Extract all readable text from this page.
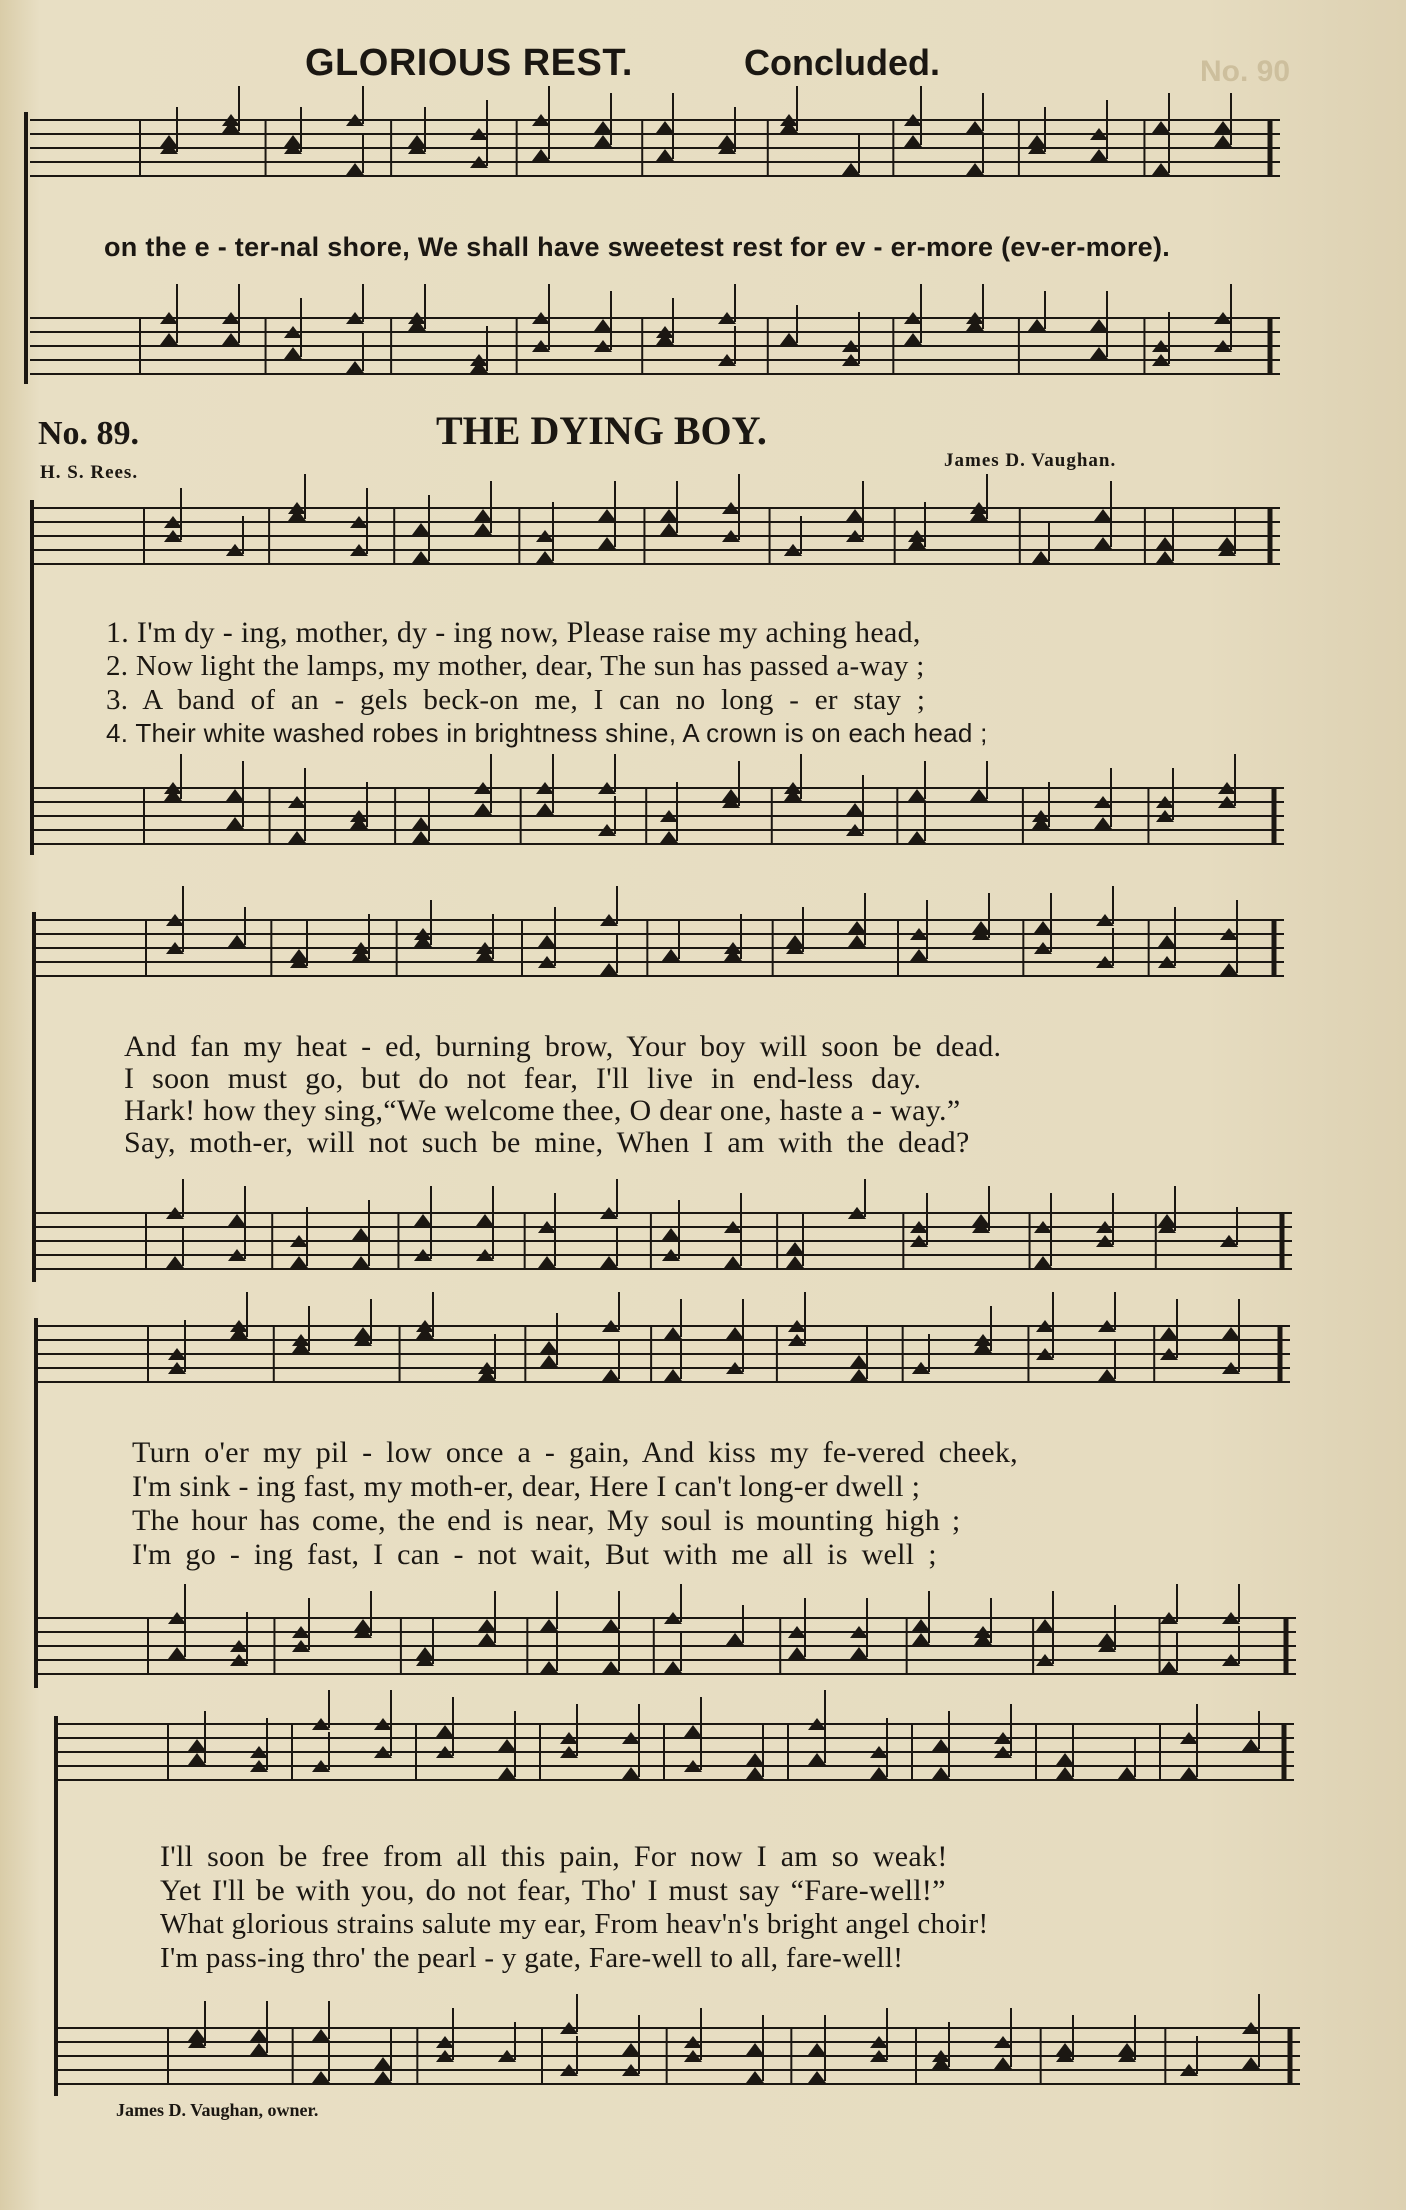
GLORIOUS REST.	Concluded.	No. 90
on the e - ter-nal shore, We shall have sweetest rest for ev - er-more (ev-er-more).
No. 89.	THE DYING BOY.
H. S. Rees.
James D. Vaughan.
1. I'm dy - ing, mother, dy - ing now, Please raise my aching head,
2. Now light the lamps, my mother, dear, The sun has passed a-way ;
3. A band of an - gels beck-on me, I can no long - er stay ;
4. Their white washed robes in brightness shine, A crown is on each head ;
And fan my heat - ed, burning brow, Your boy will soon be dead.
I soon must go, but do not fear, I'll live in end-less day.
Hark! how they sing,“We welcome thee, O dear one, haste a - way.”
Say, moth-er, will not such be mine, When I am with the dead?
Turn o'er my pil - low once a - gain, And kiss my fe-vered cheek,
I'm sink - ing fast, my moth-er, dear, Here I can't long-er dwell ;
The hour has come, the end is near, My soul is mounting high ;
I'm go - ing fast, I can - not wait, But with me all is well ;
I'll soon be free from all this pain, For now I am so weak!
Yet I'll be with you, do not fear, Tho' I must say “Fare-well!”
What glorious strains salute my ear, From heav'n's bright angel choir!
I'm pass-ing thro' the pearl - y gate, Fare-well to all, fare-well!
James D. Vaughan, owner.
